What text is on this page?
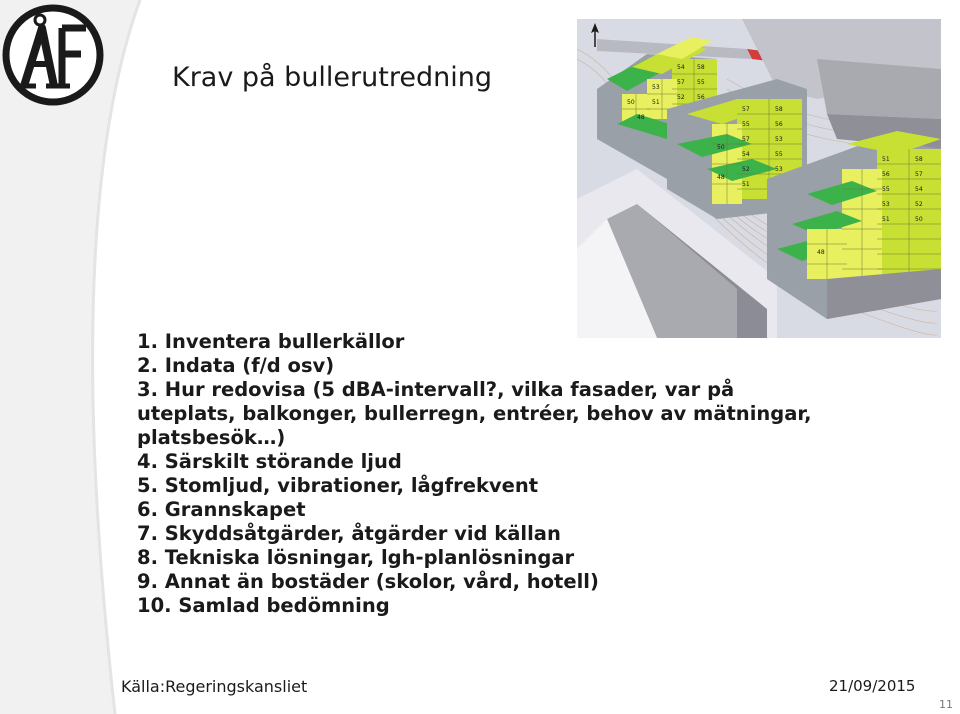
Krav på bullerutredning	54 58
57 55
52 56
53
51
50
48
57	58
55	56
57	53
54	55
52	53
51
50
48
51	58
56	57
55	54
53	52
51	50
48
1. Inventera bullerkällor
2. Indata (f/d osv)
3. Hur redovisa (5 dBA-intervall?, vilka fasader, var på uteplats, balkonger, bullerregn, entréer, behov av mätningar, platsbesök…)
4. Särskilt störande ljud
5. Stomljud, vibrationer, lågfrekvent
6. Grannskapet
7. Skyddsåtgärder, åtgärder vid källan
8. Tekniska lösningar, lgh-planlösningar
9. Annat än bostäder (skolor, vård, hotell)
10. Samlad bedömning
Källa:Regeringskansliet	21/09/2015
11
